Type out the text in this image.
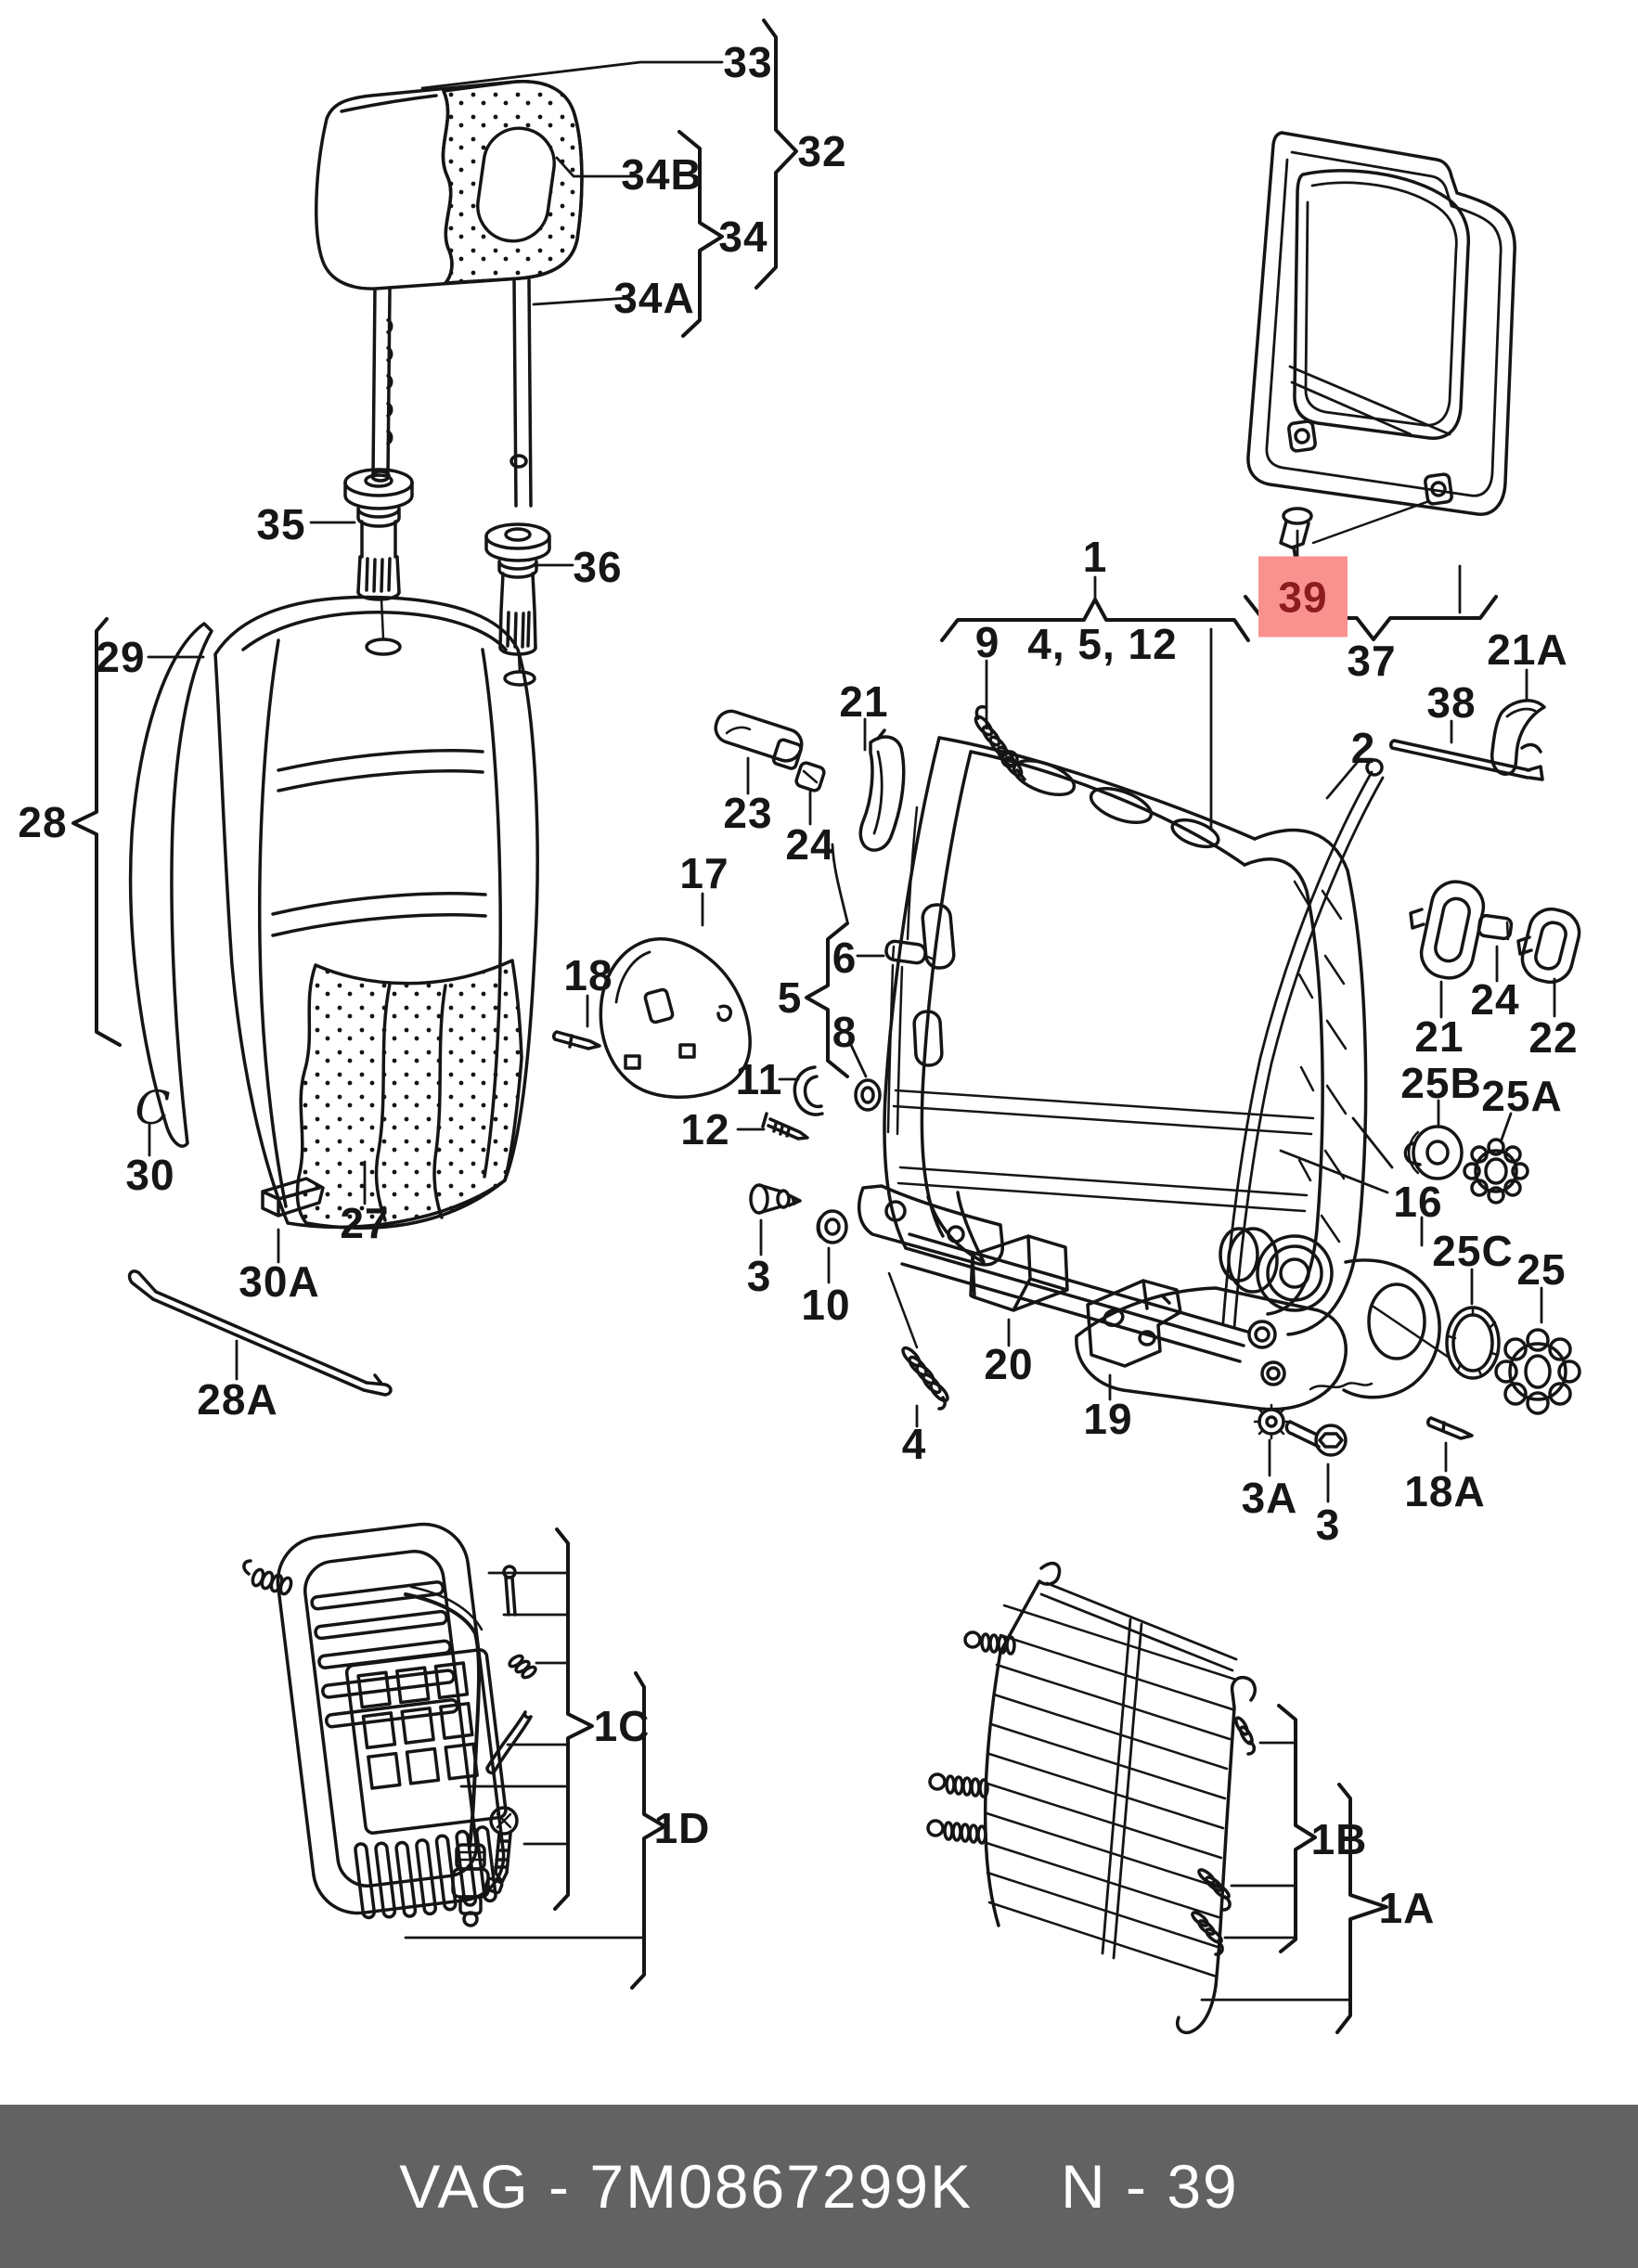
33
32
34B
34
34A
35
36
29
28
C
30
27
30A
28A
21
23
24
17
18	6
5
8
11
12
3
10
4
20
19
9 4, 5, 12
1
39
37 21A
38
2
24
21 22
25B 25A
16
25C 25
3A
3
18A
1C
1D	1B
1A
VAG - 7M0867299K N - 39
